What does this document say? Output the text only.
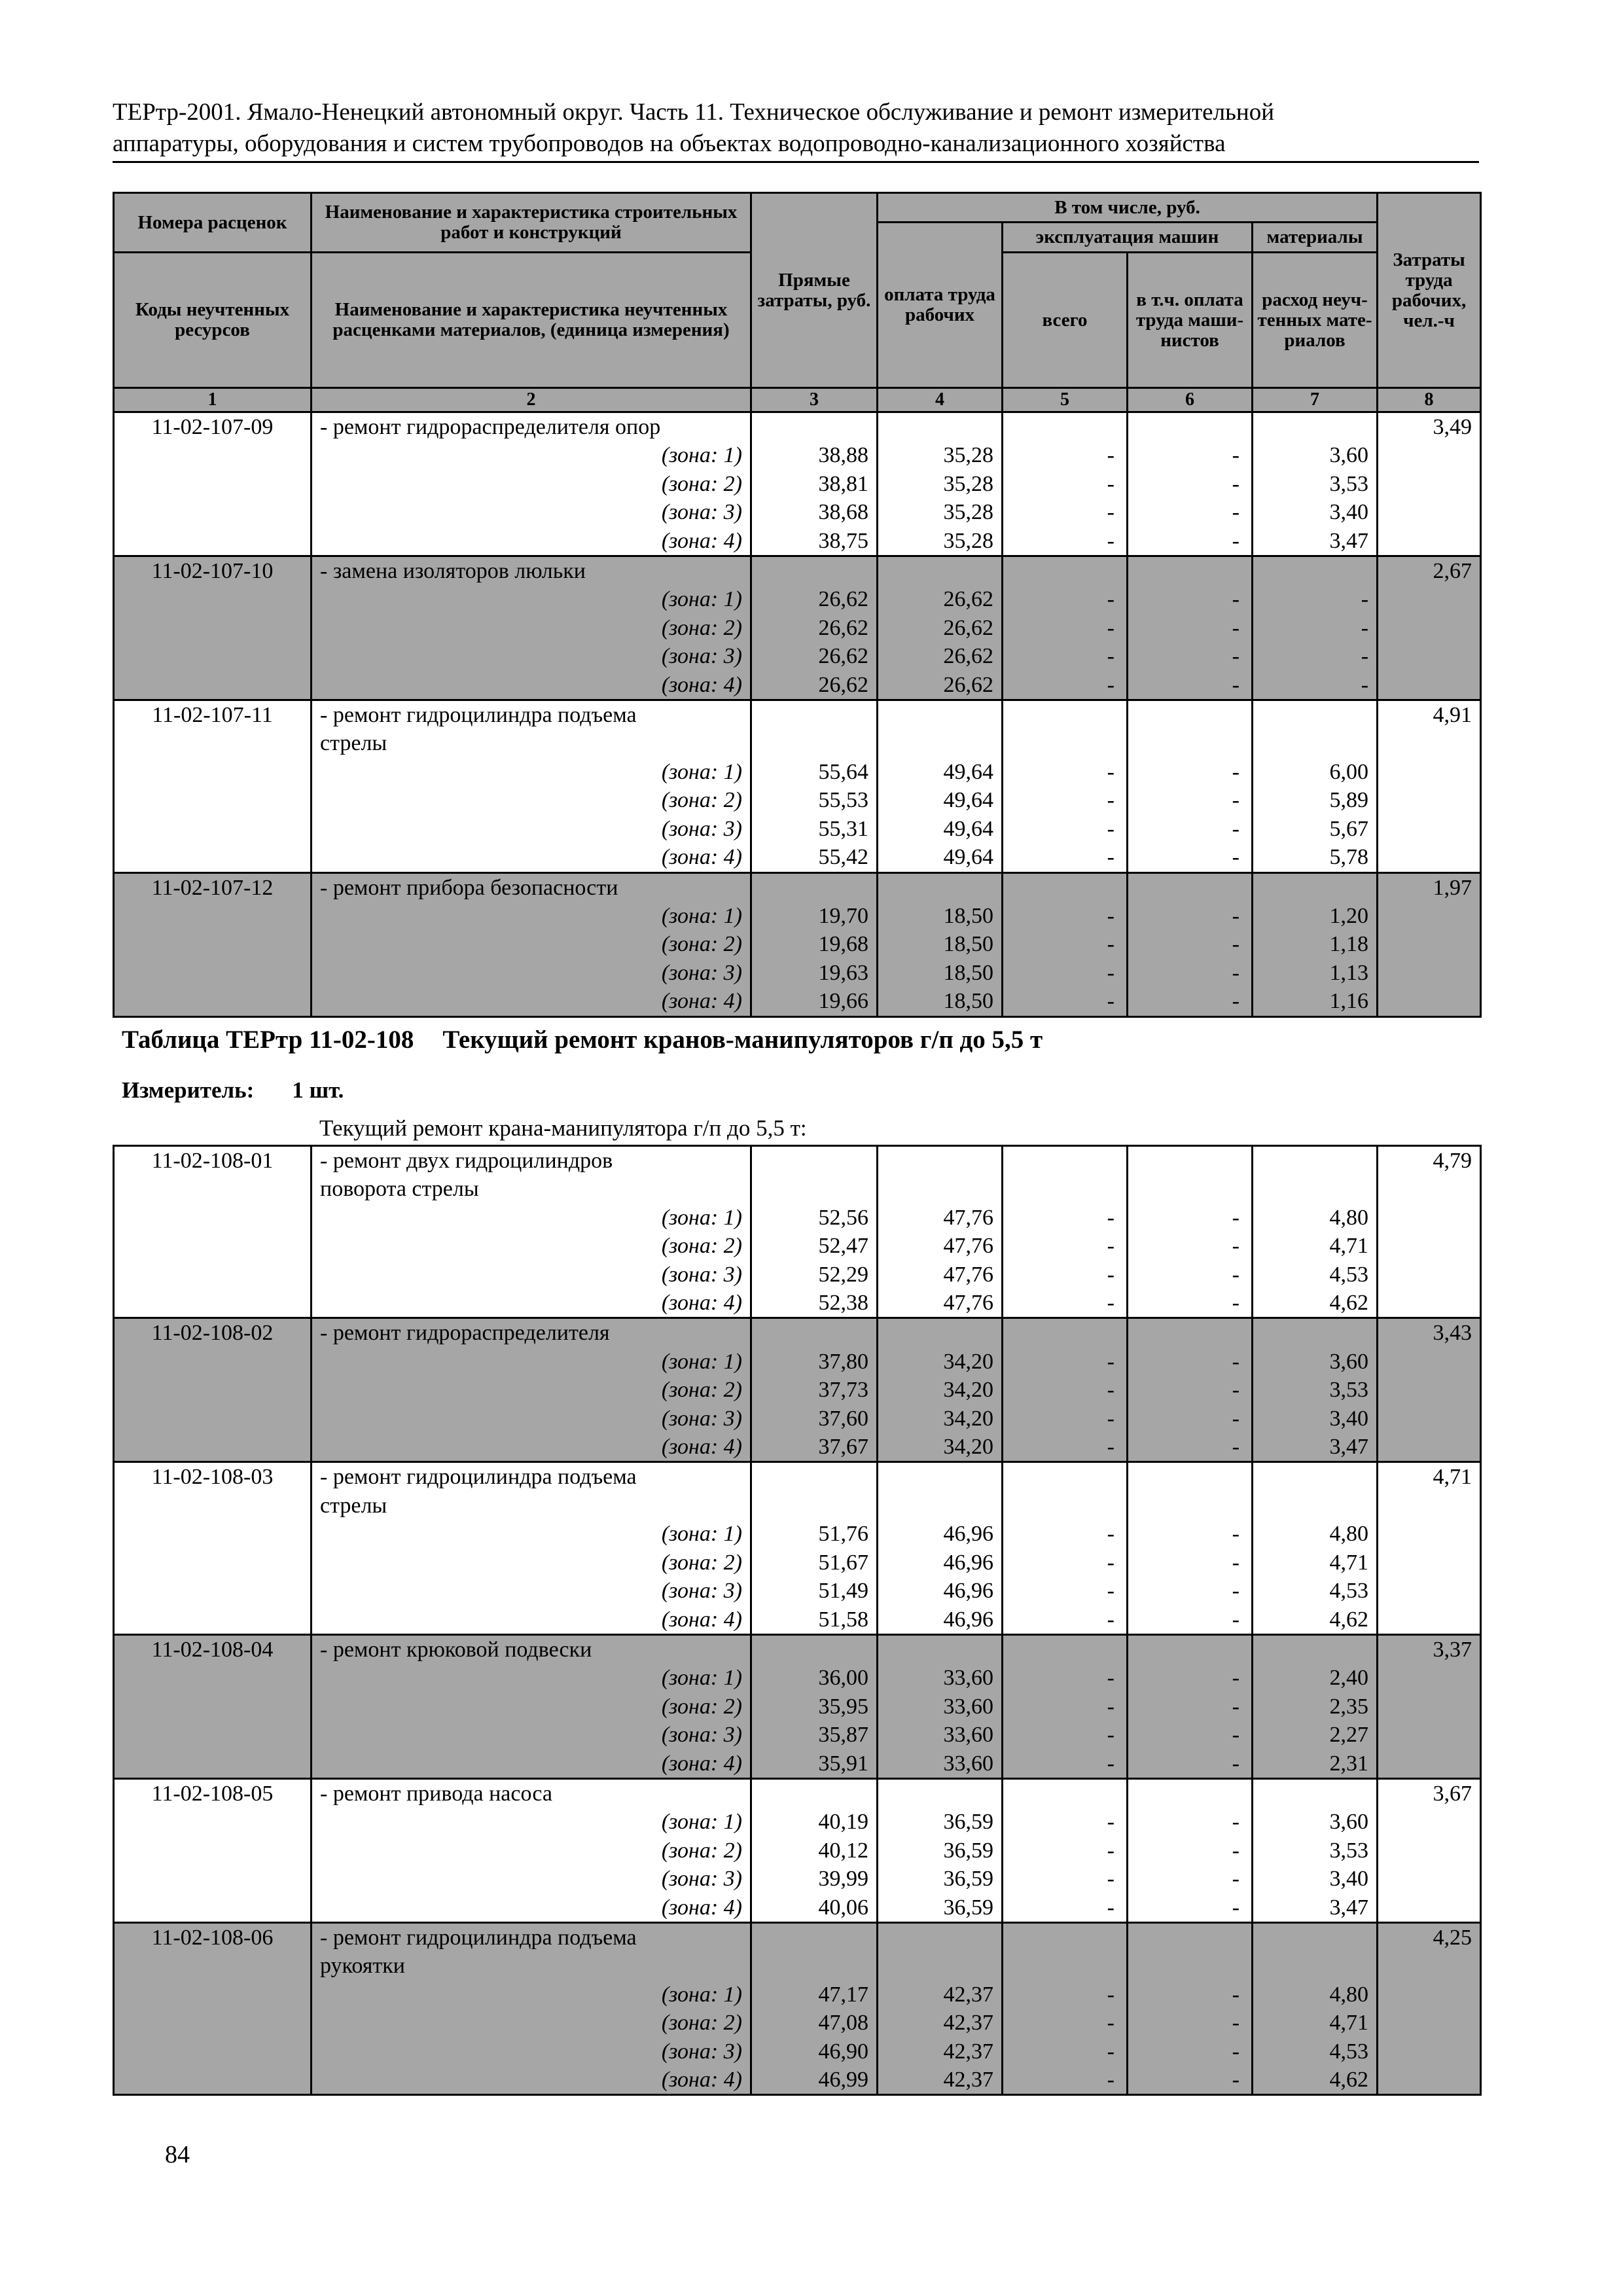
ТЕРтр-2001. Ямало-Ненецкий автономный округ. Часть 11. Техническое обслуживание и ремонт измерительной
аппаратуры, оборудования и систем трубопроводов на объектах водопроводно-канализационного хозяйства
Номера расценок	Наименование и характеристика строительных работ и конструкций	Прямые затраты, руб.	В том числе, руб.				Затраты труда рабочих, чел.-ч
			оплата труда рабочих	эксплуатация машин		материалы	
Коды неучтенных ресурсов	Наименование и характеристика неучтенных расценками материалов, (единица измерения)			всего	в т.ч. оплата труда маши-нистов	расход неуч-тенных мате-риалов	

1	2	3	4	5	6	7	8
11-02-107-09	- ремонт гидрораспределителя опор						3,49
	(зона: 1)	38,88	35,28	-	-	3,60	
	(зона: 2)	38,81	35,28	-	-	3,53	
	(зона: 3)	38,68	35,28	-	-	3,40	
	(зона: 4)	38,75	35,28	-	-	3,47	
11-02-107-10	- замена изоляторов люльки						2,67
	(зона: 1)	26,62	26,62	-	-	-	
	(зона: 2)	26,62	26,62	-	-	-	
	(зона: 3)	26,62	26,62	-	-	-	
	(зона: 4)	26,62	26,62	-	-	-	
11-02-107-11	- ремонт гидроцилиндра подъема						4,91
	стрелы						
	(зона: 1)	55,64	49,64	-	-	6,00	
	(зона: 2)	55,53	49,64	-	-	5,89	
	(зона: 3)	55,31	49,64	-	-	5,67	
	(зона: 4)	55,42	49,64	-	-	5,78	
11-02-107-12	- ремонт прибора безопасности						1,97
	(зона: 1)	19,70	18,50	-	-	1,20	
	(зона: 2)	19,68	18,50	-	-	1,18	
	(зона: 3)	19,63	18,50	-	-	1,13	
	(зона: 4)	19,66	18,50	-	-	1,16	
Таблица ТЕРтр 11-02-108 Текущий ремонт кранов-манипуляторов г/п до 5,5 т
Измеритель: 1 шт.
Текущий ремонт крана-манипулятора г/п до 5,5 т:
11-02-108-01	- ремонт двух гидроцилиндров						4,79
	поворота стрелы						
	(зона: 1)	52,56	47,76	-	-	4,80	
	(зона: 2)	52,47	47,76	-	-	4,71	
	(зона: 3)	52,29	47,76	-	-	4,53	
	(зона: 4)	52,38	47,76	-	-	4,62	
11-02-108-02	- ремонт гидрораспределителя						3,43
	(зона: 1)	37,80	34,20	-	-	3,60	
	(зона: 2)	37,73	34,20	-	-	3,53	
	(зона: 3)	37,60	34,20	-	-	3,40	
	(зона: 4)	37,67	34,20	-	-	3,47	
11-02-108-03	- ремонт гидроцилиндра подъема						4,71
	стрелы						
	(зона: 1)	51,76	46,96	-	-	4,80	
	(зона: 2)	51,67	46,96	-	-	4,71	
	(зона: 3)	51,49	46,96	-	-	4,53	
	(зона: 4)	51,58	46,96	-	-	4,62	
11-02-108-04	- ремонт крюковой подвески						3,37
	(зона: 1)	36,00	33,60	-	-	2,40	
	(зона: 2)	35,95	33,60	-	-	2,35	
	(зона: 3)	35,87	33,60	-	-	2,27	
	(зона: 4)	35,91	33,60	-	-	2,31	
11-02-108-05	- ремонт привода насоса						3,67
	(зона: 1)	40,19	36,59	-	-	3,60	
	(зона: 2)	40,12	36,59	-	-	3,53	
	(зона: 3)	39,99	36,59	-	-	3,40	
	(зона: 4)	40,06	36,59	-	-	3,47	
11-02-108-06	- ремонт гидроцилиндра подъема						4,25
	рукоятки						
	(зона: 1)	47,17	42,37	-	-	4,80	
	(зона: 2)	47,08	42,37	-	-	4,71	
	(зона: 3)	46,90	42,37	-	-	4,53	
	(зона: 4)	46,99	42,37	-	-	4,62	
84
